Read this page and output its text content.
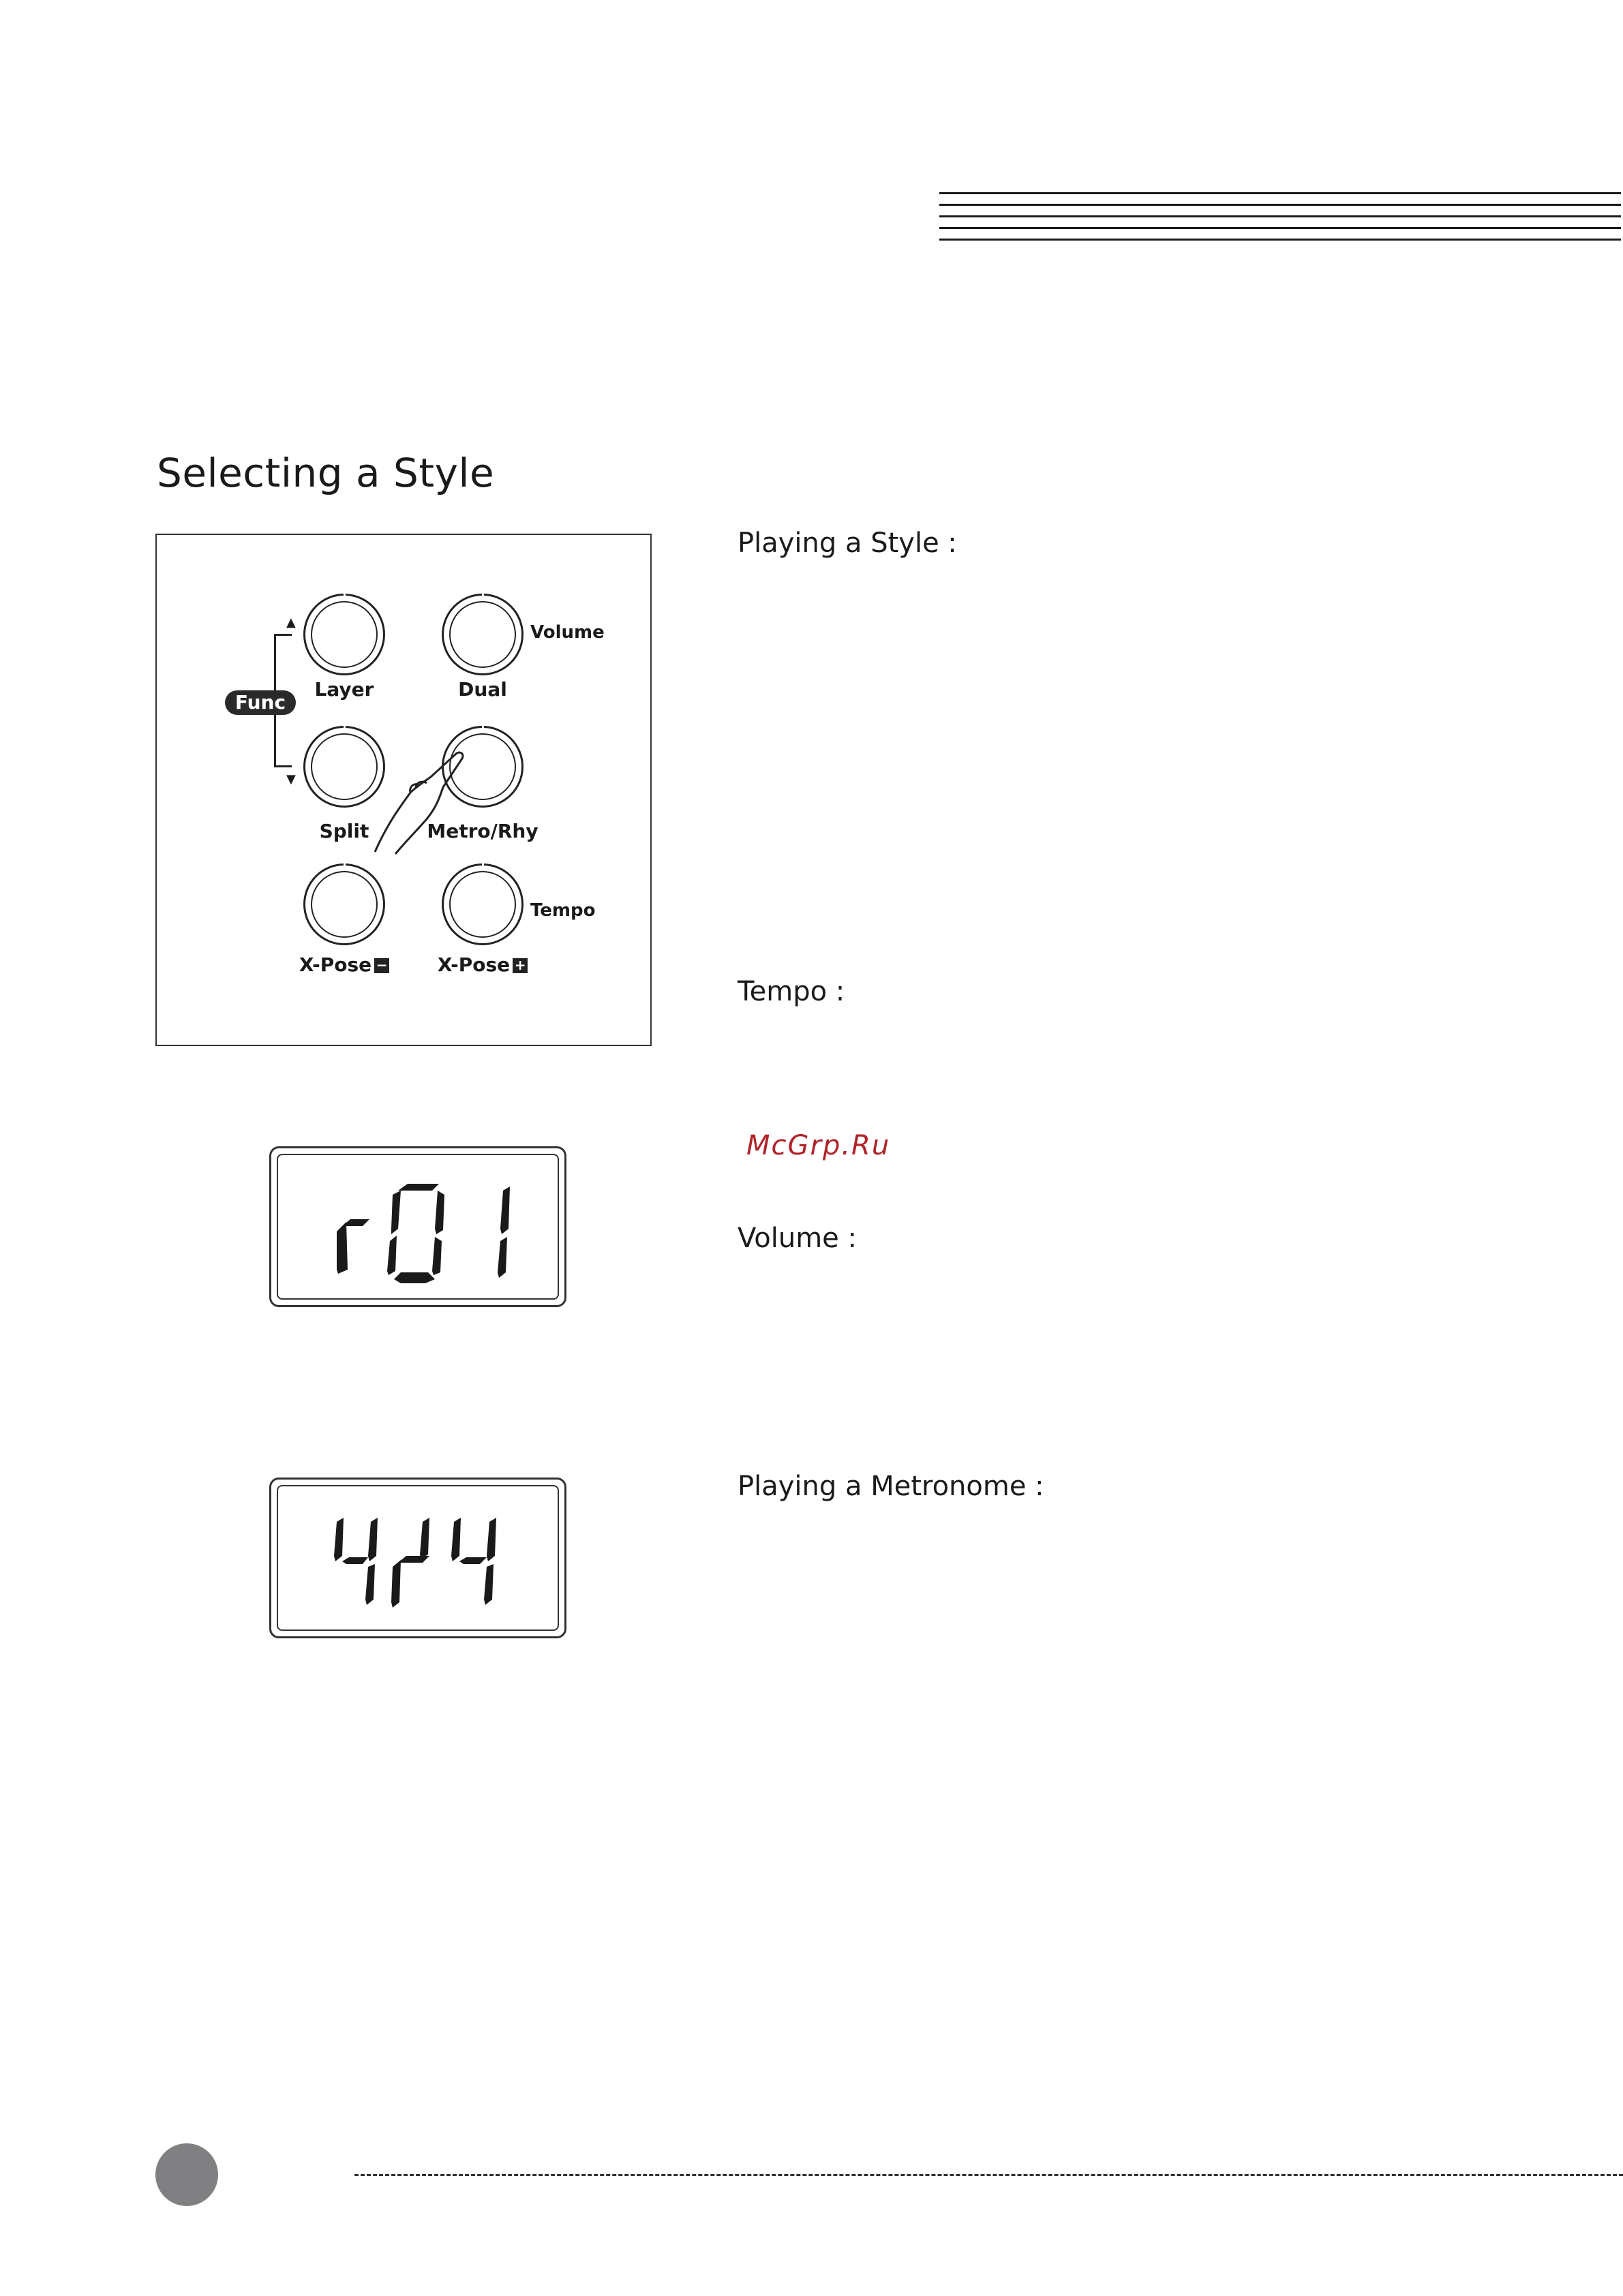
Selecting a Style
▲
▼
Func
Layer	Dual
Volume
Split	Metro/Rhy
X-Pose −	X-Pose +
Tempo
Playing a Style :
Tempo :
McGrp.Ru
Volume :
Playing a Metronome :
